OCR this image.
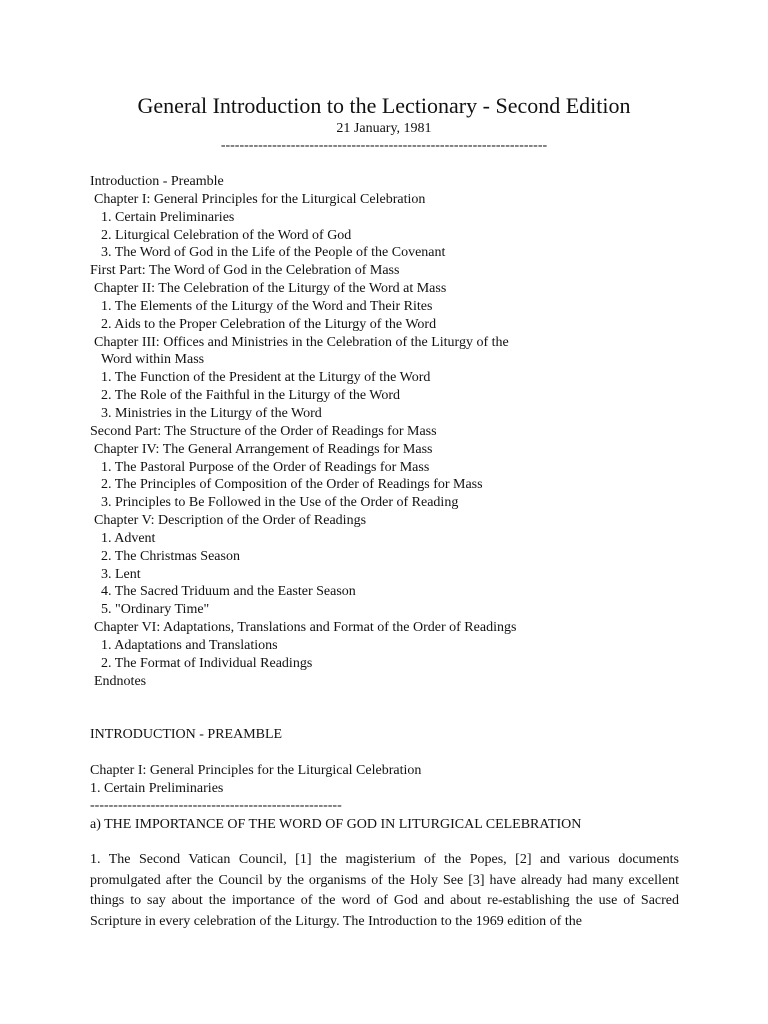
General Introduction to the Lectionary - Second Edition
21 January, 1981
----------------------------------------------------------------------
Introduction - Preamble
Chapter I: General Principles for the Liturgical Celebration
1. Certain Preliminaries
2. Liturgical Celebration of the Word of God
3. The Word of God in the Life of the People of the Covenant
First Part: The Word of God in the Celebration of Mass
Chapter II: The Celebration of the Liturgy of the Word at Mass
1. The Elements of the Liturgy of the Word and Their Rites
2. Aids to the Proper Celebration of the Liturgy of the Word
Chapter III: Offices and Ministries in the Celebration of the Liturgy of the
Word within Mass
1. The Function of the President at the Liturgy of the Word
2. The Role of the Faithful in the Liturgy of the Word
3. Ministries in the Liturgy of the Word
Second Part: The Structure of the Order of Readings for Mass
Chapter IV: The General Arrangement of Readings for Mass
1. The Pastoral Purpose of the Order of Readings for Mass
2. The Principles of Composition of the Order of Readings for Mass
3. Principles to Be Followed in the Use of the Order of Reading
Chapter V: Description of the Order of Readings
1. Advent
2. The Christmas Season
3. Lent
4. The Sacred Triduum and the Easter Season
5. "Ordinary Time"
Chapter VI: Adaptations, Translations and Format of the Order of Readings
1. Adaptations and Translations
2. The Format of Individual Readings
Endnotes
INTRODUCTION - PREAMBLE
Chapter I: General Principles for the Liturgical Celebration
1. Certain Preliminaries
------------------------------------------------------
a) THE IMPORTANCE OF THE WORD OF GOD IN LITURGICAL CELEBRATION

1. The Second Vatican Council, [1] the magisterium of the Popes, [2] and various documents promulgated after the Council by the organisms of the Holy See [3] have already had many excellent things to say about the importance of the word of God and about re-establishing the use of Sacred Scripture in every celebration of the Liturgy. The Introduction to the 1969 edition of the
